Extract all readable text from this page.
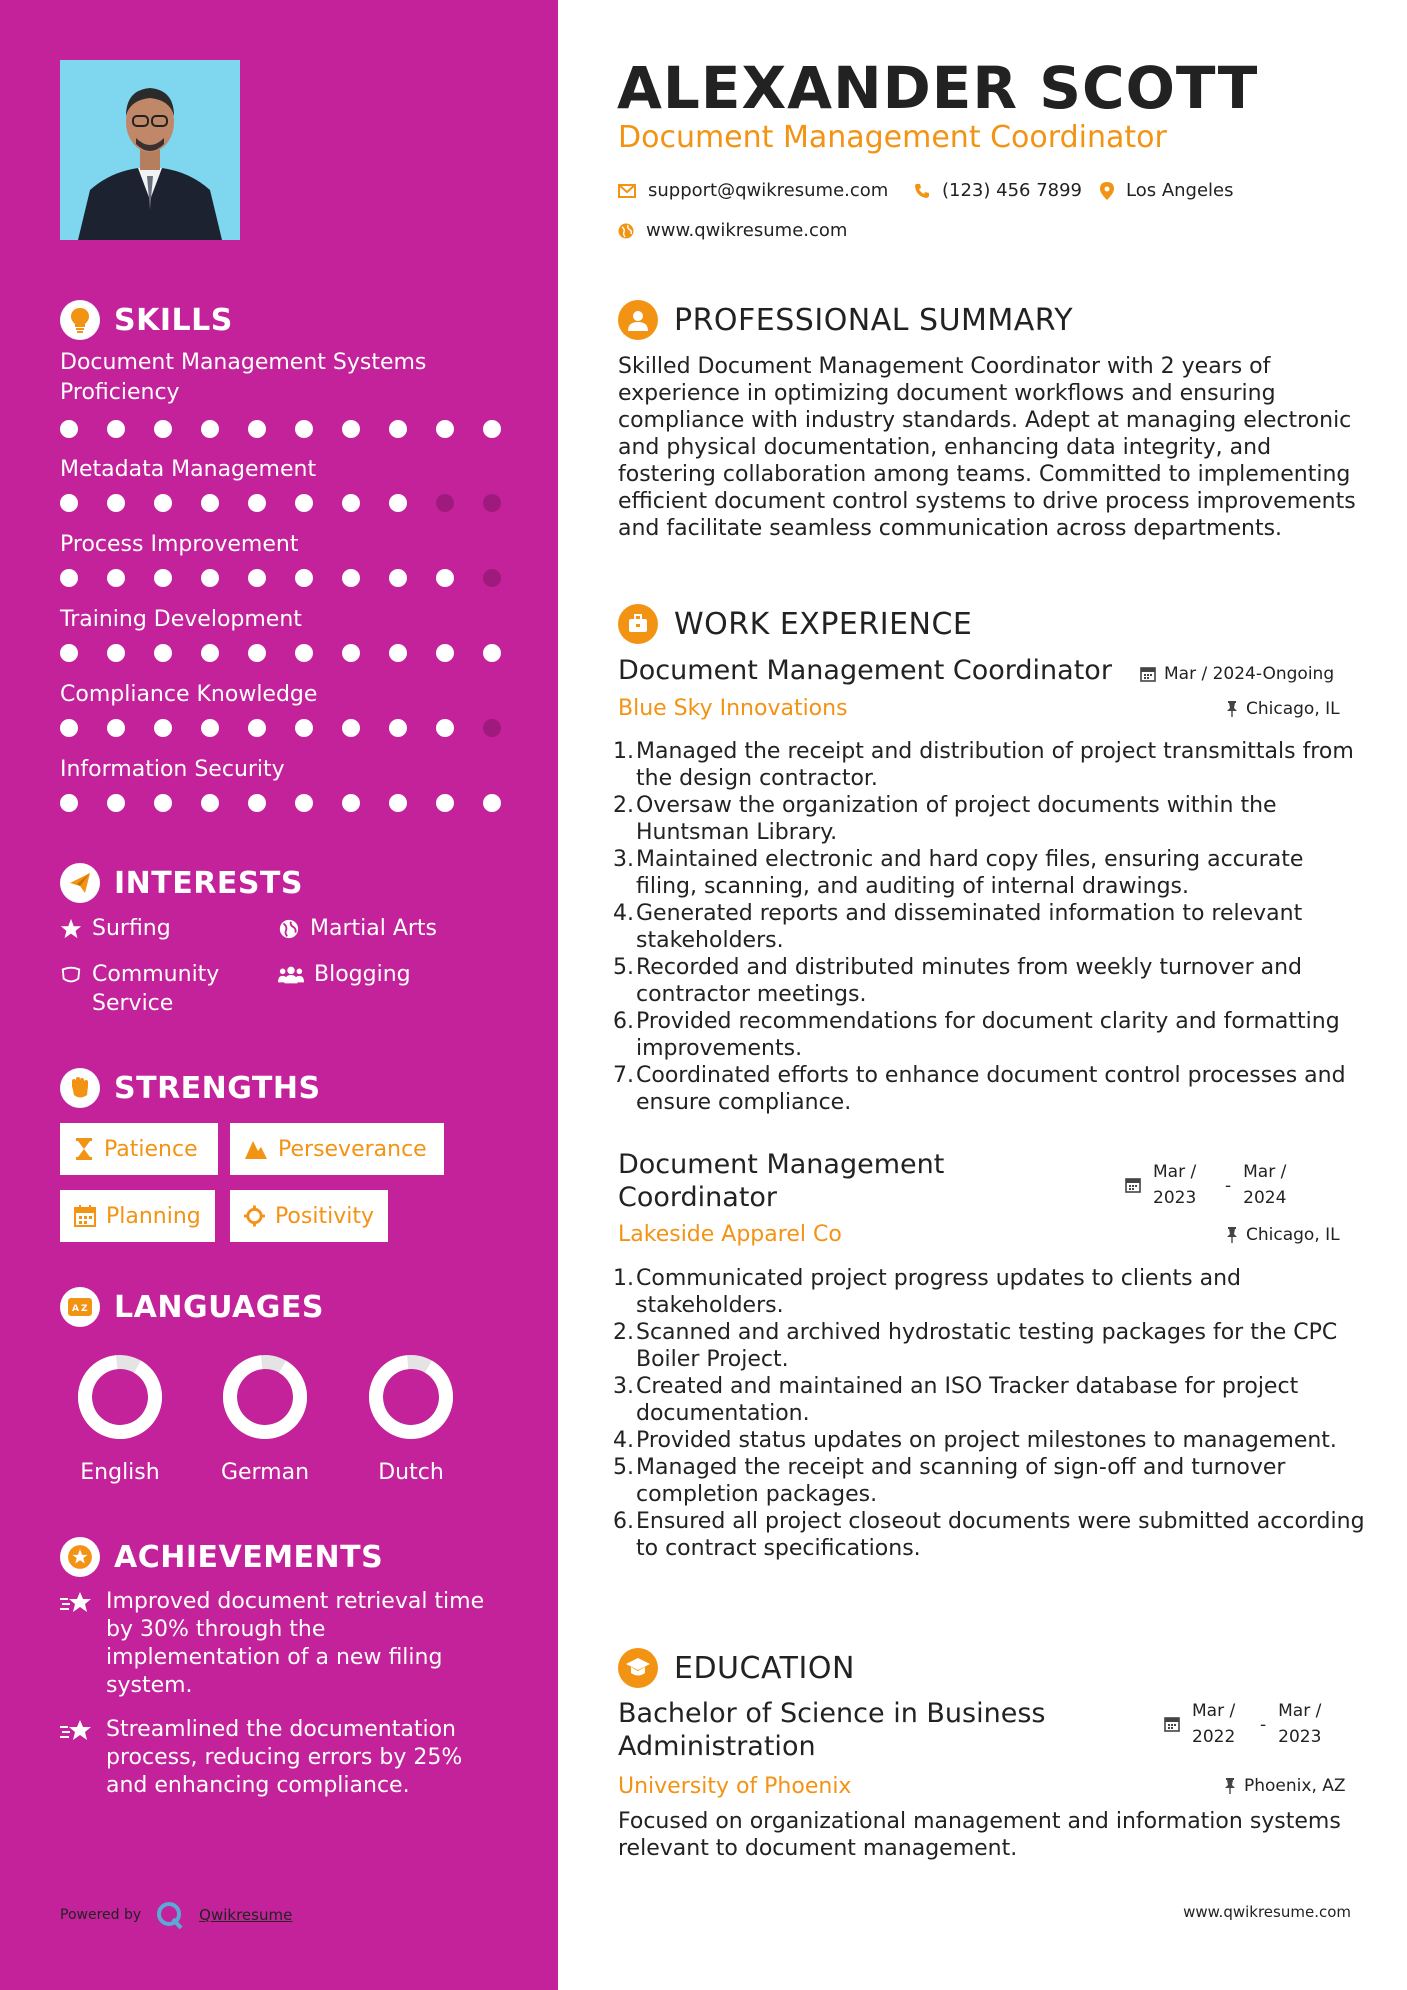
SKILLS
INTERESTS
Surfing	Martial Arts
Community Service
Blogging
STRENGTHS
Patience	Perseverance
Planning	Positivity
A Z LANGUAGES
ACHIEVEMENTS
Improved document retrieval time by 30% through the implementation of a new filing system.
Streamlined the documentation process, reducing errors by 25% and enhancing compliance.
Powered by	Qwikresume
Document Management Systems Proficiency
Metadata Management
Process Improvement
Training Development
Compliance Knowledge
Information Security
English	German	Dutch
ALEXANDER SCOTT
Document Management Coordinator
support@qwikresume.com	(123) 456 7899 Los Angeles
www.qwikresume.com
PROFESSIONAL SUMMARY
Skilled Document Management Coordinator with 2 years of experience in optimizing document workflows and ensuring compliance with industry standards. Adept at managing electronic and physical documentation, enhancing data integrity, and fostering collaboration among teams. Committed to implementing efficient document control systems to drive process improvements and facilitate seamless communication across departments.
WORK EXPERIENCE
Document Management Coordinator	Mar / 2024-Ongoing
Blue Sky Innovations	Chicago, IL
1. Managed the receipt and distribution of project transmittals from the design contractor.
2. Oversaw the organization of project documents within the Huntsman Library.
3. Maintained electronic and hard copy files, ensuring accurate filing, scanning, and auditing of internal drawings.
4. Generated reports and disseminated information to relevant stakeholders.
5. Recorded and distributed minutes from weekly turnover and contractor meetings.
6. Provided recommendations for document clarity and formatting improvements.
7. Coordinated efforts to enhance document control processes and ensure compliance.
Document Management Coordinator
Mar / 2023
-
Mar / 2024
Lakeside Apparel Co	Chicago, IL
1. Communicated project progress updates to clients and stakeholders.
2. Scanned and archived hydrostatic testing packages for the CPC Boiler Project.
3. Created and maintained an ISO Tracker database for project documentation.
4. Provided status updates on project milestones to management.
5. Managed the receipt and scanning of sign-off and turnover completion packages.
6. Ensured all project closeout documents were submitted according to contract specifications.
EDUCATION
Bachelor of Science in Business Administration
Mar / 2022
-
Mar / 2023
University of Phoenix	Phoenix, AZ
Focused on organizational management and information systems relevant to document management.
www.qwikresume.com
